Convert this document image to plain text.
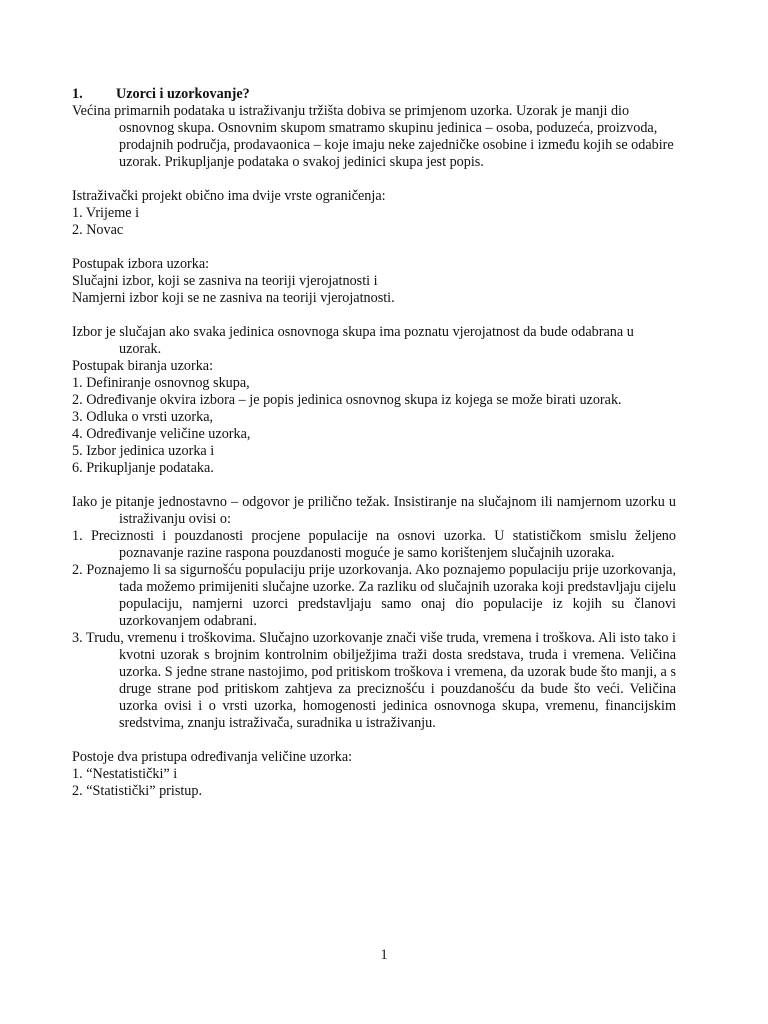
1.	Uzorci i uzorkovanje?

Većina primarnih podataka u istraživanju tržišta dobiva se primjenom uzorka. Uzorak je manji dio osnovnog skupa. Osnovnim skupom smatramo skupinu jedinica – osoba, poduzeća, proizvoda, prodajnih područja, prodavaonica – koje imaju neke zajedničke osobine i između kojih se odabire uzorak. Prikupljanje podataka o svakoj jedinici skupa jest popis.

Istraživački projekt obično ima dvije vrste ograničenja:

1. Vrijeme i

2. Novac

Postupak izbora uzorka:

Slučajni izbor, koji se zasniva na teoriji vjerojatnosti i

Namjerni izbor koji se ne zasniva na teoriji vjerojatnosti.

Izbor je slučajan ako svaka jedinica osnovnoga skupa ima poznatu vjerojatnost da bude odabrana u uzorak.

Postupak biranja uzorka:

1. Definiranje osnovnog skupa,

2. Određivanje okvira izbora – je popis jedinica osnovnog skupa iz kojega se može birati uzorak.

3. Odluka o vrsti uzorka,

4. Određivanje veličine uzorka,

5. Izbor jedinica uzorka i

6. Prikupljanje podataka.

Iako je pitanje jednostavno – odgovor je prilično težak. Insistiranje na slučajnom ili namjernom uzorku u istraživanju ovisi o:

1. Preciznosti i pouzdanosti procjene populacije na osnovi uzorka. U statističkom smislu željeno poznavanje razine raspona pouzdanosti moguće je samo korištenjem slučajnih uzoraka.

2. Poznajemo li sa sigurnošću populaciju prije uzorkovanja. Ako poznajemo populaciju prije uzorkovanja, tada možemo primijeniti slučajne uzorke. Za razliku od slučajnih uzoraka koji predstavljaju cijelu populaciju, namjerni uzorci predstavljaju samo onaj dio populacije iz kojih su članovi uzorkovanjem odabrani.

3. Trudu, vremenu i troškovima. Slučajno uzorkovanje znači više truda, vremena i troškova. Ali isto tako i kvotni uzorak s brojnim kontrolnim obilježjima traži dosta sredstava, truda i vremena. Veličina uzorka. S jedne strane nastojimo, pod pritiskom troškova i vremena, da uzorak bude što manji, a s druge strane pod pritiskom zahtjeva za preciznošću i pouzdanošću da bude što veći. Veličina uzorka ovisi i o vrsti uzorka, homogenosti jedinica osnovnoga skupa, vremenu, financijskim sredstvima, znanju istraživača, suradnika u istraživanju.

Postoje dva pristupa određivanja veličine uzorka:

1. “Nestatistički” i

2. “Statistički” pristup.

1
